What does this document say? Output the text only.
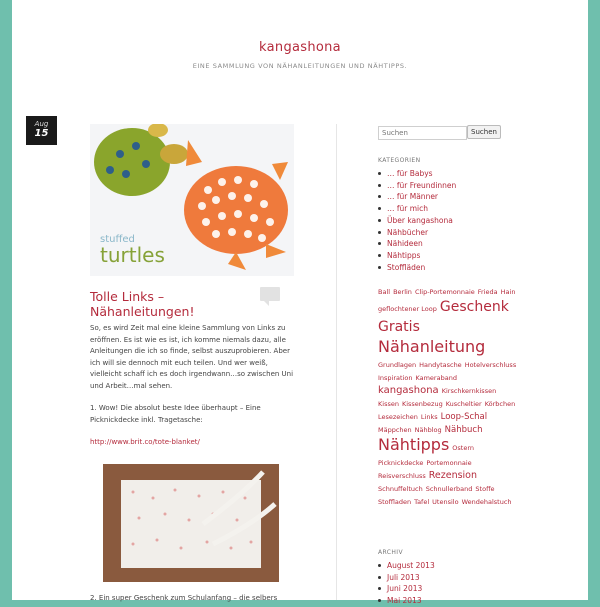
kangashona
EINE SAMMLUNG VON NÄHANLEITUNGEN UND NÄHTIPPS.
Aug
15
stuffed
turtles
Tolle Links – Nähanleitungen!

So, es wird Zeit mal eine kleine Sammlung von Links zu eröffnen. Es ist wie es ist, ich komme niemals dazu, alle Anleitungen die ich so finde, selbst auszuprobieren. Aber ich will sie dennoch mit euch teilen. Und wer weiß, vielleicht schaff ich es doch irgendwann…so zwischen Uni und Arbeit…mal sehen.

1. Wow! Die absolut beste Idee überhaupt – Eine Picknickdecke inkl. Tragetasche:

http://www.brit.co/tote-blanket/

2. Ein super Geschenk zum Schulanfang – die selbers
Suchen
Suchen
KATEGORIEN
… für Babys
… für Freundinnen
… für Männer
… für mich
Über kangashona
Nähbücher
Nähideen
Nähtipps
Stoffläden
Ball Berlin Clip-Portemonnaie Frieda Haingeflochtener Loop GeschenkGratisNähanleitungGrundlagen Handytasche HotelverschlussInspiration Kamerabandkangashona KirschkernkissenKissen Kissenbezug Kuscheltier KörbchenLesezeichen Links Loop-SchalMäppchen Nähblog NähbuchNähtipps OsternPicknickdecke PortemonnaieReisverschluss RezensionSchnuffeltuch Schnullerband StoffeStoffladen Tafel Utensilo Wendehalstuch
ARCHIV
August 2013
Juli 2013
Juni 2013
Mai 2013
